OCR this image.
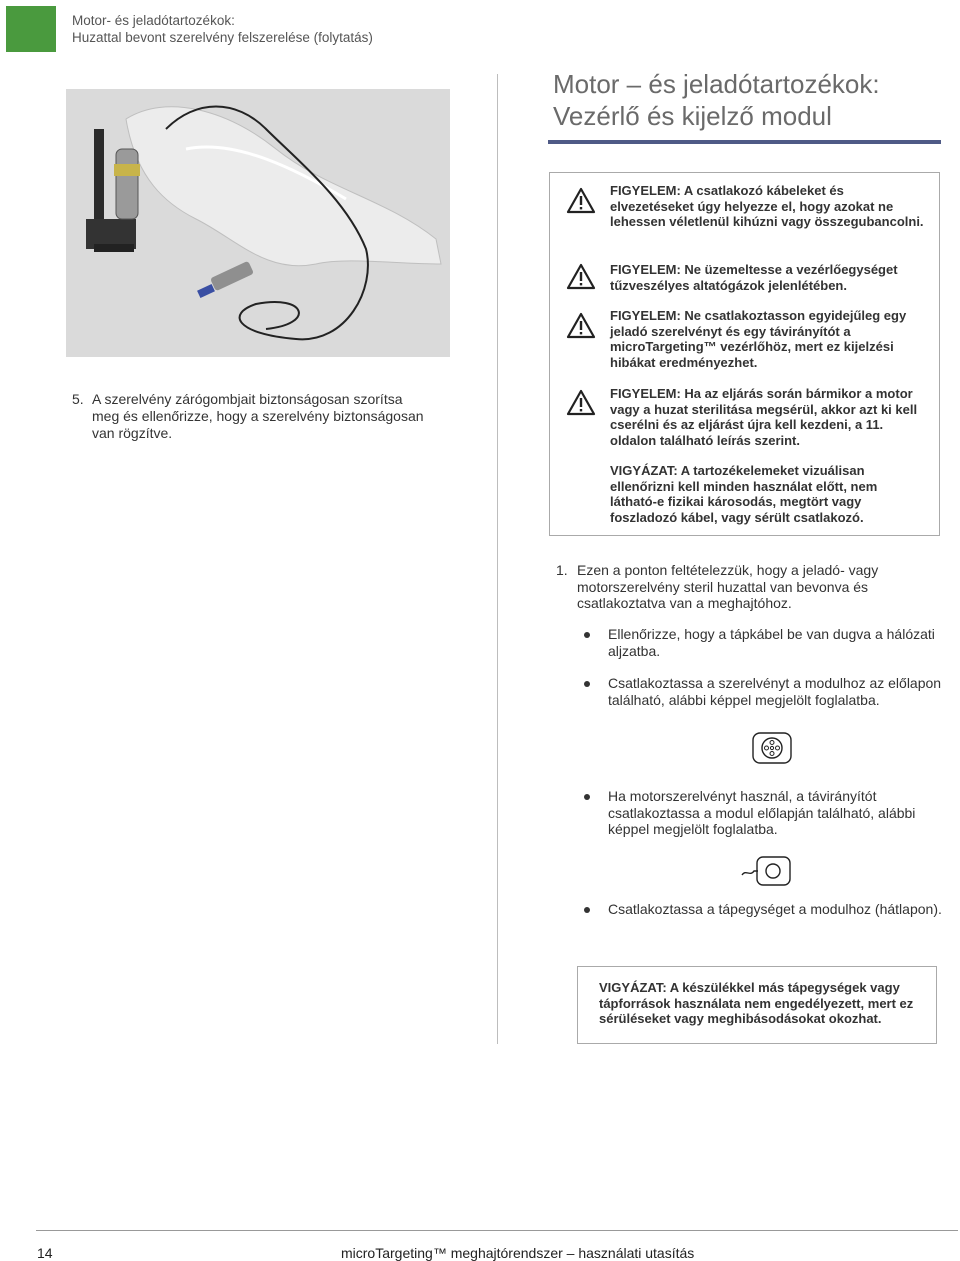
Motor- és jeladótartozékok:
Huzattal bevont szerelvény felszerelése (folytatás)
5. A szerelvény zárógombjait biztonságosan szorítsa meg és ellenőrizze, hogy a szerelvény biztonságosan van rögzítve.
Motor – és jeladótartozékok:
Vezérlő és kijelző modul
FIGYELEM: A csatlakozó kábeleket és elvezetéseket úgy helyezze el, hogy azokat ne lehessen véletlenül kihúzni vagy összegubancolni.
FIGYELEM: Ne üzemeltesse a vezérlőegységet tűzveszélyes altatógázok jelenlétében.
FIGYELEM: Ne csatlakoztasson egyidejűleg egy jeladó szerelvényt és egy távirányítót a microTargeting™ vezérlőhöz, mert ez kijelzési hibákat eredményezhet.
FIGYELEM: Ha az eljárás során bármikor a motor vagy a huzat sterilitása megsérül, akkor azt ki kell cserélni és az eljárást újra kell kezdeni, a 11. oldalon található leírás szerint.
VIGYÁZAT: A tartozékelemeket vizuálisan ellenőrizni kell minden használat előtt, nem látható-e fizikai károsodás, megtört vagy foszladozó kábel, vagy sérült csatlakozó.
1. Ezen a ponton feltételezzük, hogy a jeladó- vagy motorszerelvény steril huzattal van bevonva és csatlakoztatva van a meghajtóhoz.
Ellenőrizze, hogy a tápkábel be van dugva a hálózati aljzatba.
Csatlakoztassa a szerelvényt a modulhoz az előlapon található, alábbi képpel megjelölt foglalatba.
Ha motorszerelvényt használ, a távirányítót csatlakoztassa a modul előlapján található, alábbi képpel megjelölt foglalatba.
Csatlakoztassa a tápegységet a modulhoz (hátlapon).
VIGYÁZAT: A készülékkel más tápegységek vagy tápforrások használata nem engedélyezett, mert ez sérüléseket vagy meghibásodásokat okozhat.
14	microTargeting™ meghajtórendszer – használati utasítás
